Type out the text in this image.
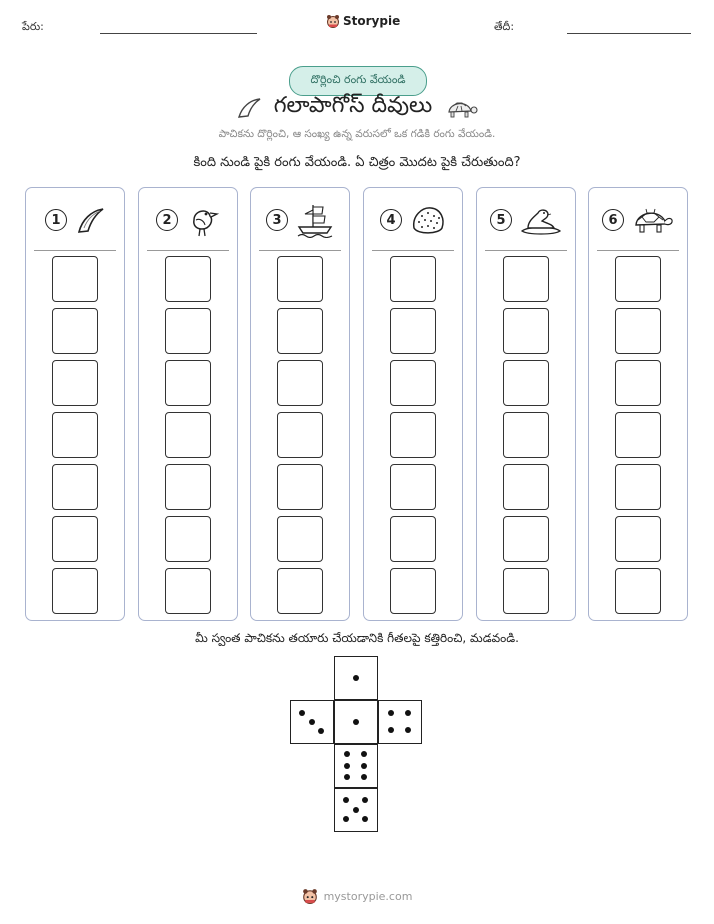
పేరు:	Storypie	తేదీ:
దొర్లించి రంగు వేయండి
గలాపాగోస్ దీవులు
పాచికను దొర్లించి, ఆ సంఖ్య ఉన్న వరుసలో ఒక గడికి రంగు వేయండి.
కింది నుండి పైకి రంగు వేయండి. ఏ చిత్రం మొదట పైకి చేరుతుంది?
1	2	3	4	5	6
మీ స్వంత పాచికను తయారు చేయడానికి గీతలపై కత్తిరించి, మడవండి.
mystorypie.com
